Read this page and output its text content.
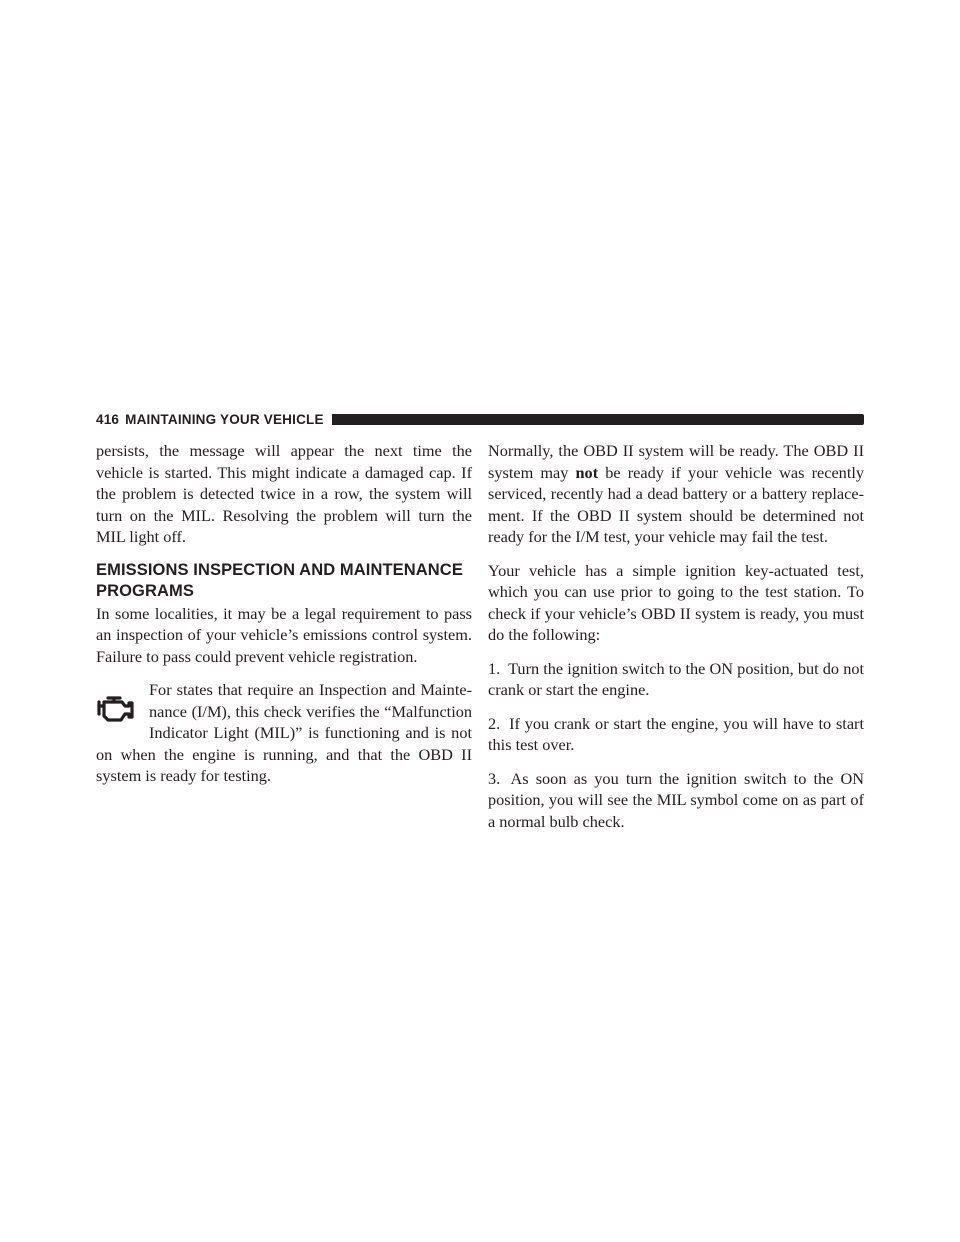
416 MAINTAINING YOUR VEHICLE

persists, the message will appear the next time the vehicle is started. This might indicate a damaged cap. If the problem is detected twice in a row, the system will turn on the MIL. Resolving the problem will turn the MIL light off.

EMISSIONS INSPECTION AND MAINTENANCE PROGRAMS

In some localities, it may be a legal requirement to pass an inspection of your vehicle’s emissions control system. Failure to pass could prevent vehicle registration.

For states that require an Inspection and Mainte-nance (I/M), this check verifies the “Malfunction Indicator Light (MIL)” is functioning and is not on when the engine is running, and that the OBD II system is ready for testing.

Normally, the OBD II system will be ready. The OBD II system may not be ready if your vehicle was recently serviced, recently had a dead battery or a battery replace-ment. If the OBD II system should be determined not ready for the I/M test, your vehicle may fail the test.

Your vehicle has a simple ignition key-actuated test, which you can use prior to going to the test station. To check if your vehicle’s OBD II system is ready, you must do the following:

1. Turn the ignition switch to the ON position, but do not crank or start the engine.

2. If you crank or start the engine, you will have to start this test over.

3. As soon as you turn the ignition switch to the ON position, you will see the MIL symbol come on as part of a normal bulb check.
